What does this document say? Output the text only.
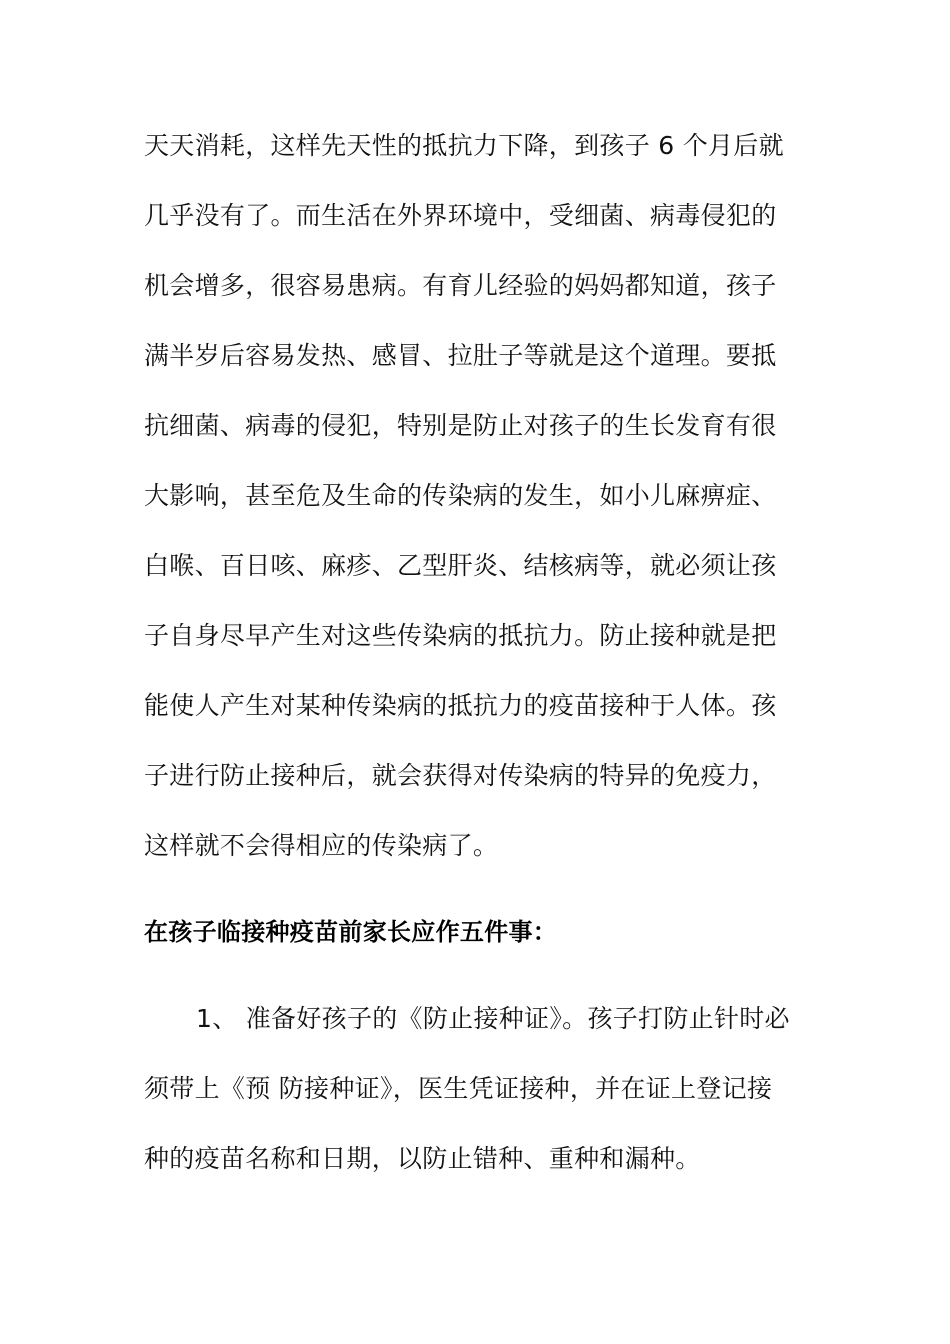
天天消耗，这样先天性的抵抗力下降，到孩子 6 个月后就

几乎没有了。而生活在外界环境中，受细菌、病毒侵犯的

机会增多，很容易患病。有育儿经验的妈妈都知道，孩子

满半岁后容易发热、感冒、拉肚子等就是这个道理。要抵

抗细菌、病毒的侵犯，特别是防止对孩子的生长发育有很

大影响，甚至危及生命的传染病的发生，如小儿麻痹症、

白喉、百日咳、麻疹、乙型肝炎、结核病等，就必须让孩

子自身尽早产生对这些传染病的抵抗力。防止接种就是把

能使人产生对某种传染病的抵抗力的疫苗接种于人体。孩

子进行防止接种后，就会获得对传染病的特异的免疫力，

这样就不会得相应的传染病了。

在孩子临接种疫苗前家长应作五件事：

1、 准备好孩子的《防止接种证》。孩子打防止针时必

须带上《预 防接种证》，医生凭证接种，并在证上登记接

种的疫苗名称和日期，以防止错种、重种和漏种。
